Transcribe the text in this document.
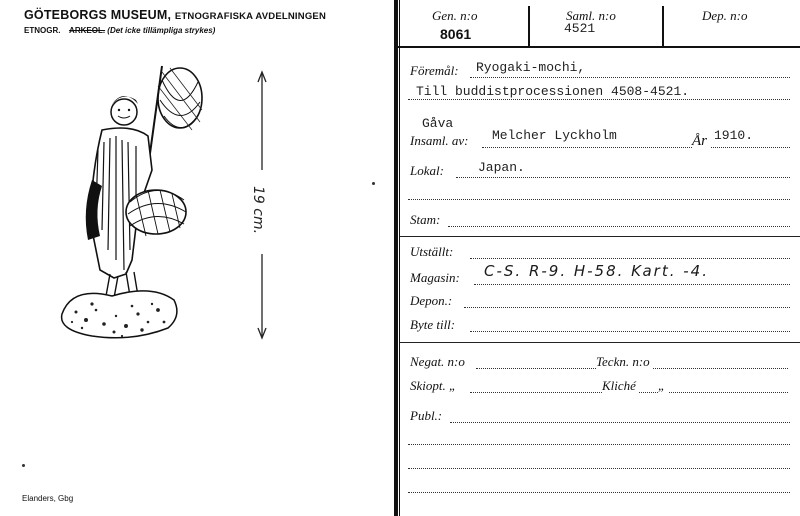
GÖTEBORGS MUSEUM, ETNOGRAFISKA AVDELNINGEN
ETNOGR. ARKEOL. (Det icke tillämpliga strykes)
19 cm.
Elanders, Gbg
Gen. n:o
8061
Saml. n:o
4521
Dep. n:o
Föremål: Ryogaki-mochi,
Till buddistprocessionen 4508-4521.
Gåva
Insaml. av: Melcher Lyckholm	År 1910.
Lokal:	Japan.
Stam:
Utställt:
Magasin: C-S. R-9. H-58. Kart. -4.
Depon.:
Byte till:
Negat. n:o	Teckn. n:o
Skiopt. „	Kliché „
Publ.:
